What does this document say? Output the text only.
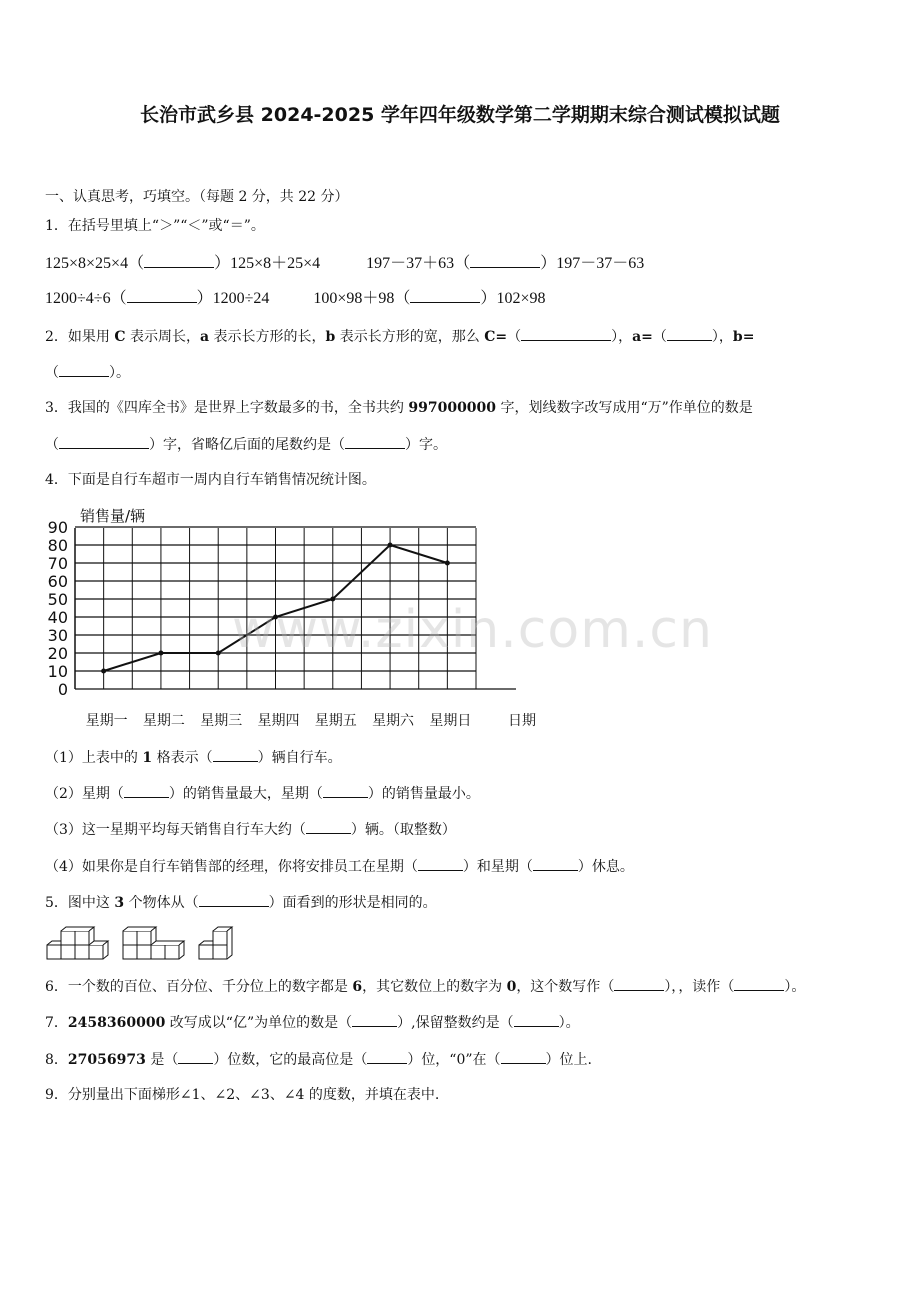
长治市武乡县 2024-2025 学年四年级数学第二学期期末综合测试模拟试题
一、认真思考，巧填空。（每题 2 分，共 22 分）
1．在括号里填上“＞”“＜”或“＝”。
125×8×25×4（	）125×8＋25×4	197－37＋63（	）197－37－63
1200÷4÷6（	）1200÷24	100×98＋98（	）102×98
2．如果用 C 表示周长，a 表示长方形的长，b 表示长方形的宽，那么 C=（	），a=（	），b=
（	）。
3．我国的《四库全书》是世界上字数最多的书，全书共约 997000000 字，划线数字改写成用“万”作单位的数是
（	）字，省略亿后面的尾数约是（	）字。
4．下面是自行车超市一周内自行车销售情况统计图。
0
10
20
30
40
50
60
70
80
90
星期一 星期二 星期三 星期四 星期五 星期六 星期日
销售量/辆
日期
（1）上表中的 1 格表示（	）辆自行车。
（2）星期（	）的销售量最大，星期（	）的销售量最小。
（3）这一星期平均每天销售自行车大约（	）辆。（取整数）
（4）如果你是自行车销售部的经理，你将安排员工在星期（	）和星期（	）休息。
5．图中这 3 个物体从（	）面看到的形状是相同的。
6．一个数的百位、百分位、千分位上的数字都是 6，其它数位上的数字为 0，这个数写作（	），，读作（	）。
7．2458360000 改写成以“亿”为单位的数是（	）,保留整数约是（	）。
8．27056973 是（	）位数，它的最高位是（	）位，“0”在（	）位上.
9．分别量出下面梯形∠1、∠2、∠3、∠4 的度数，并填在表中.
www.zixin.com.cn
